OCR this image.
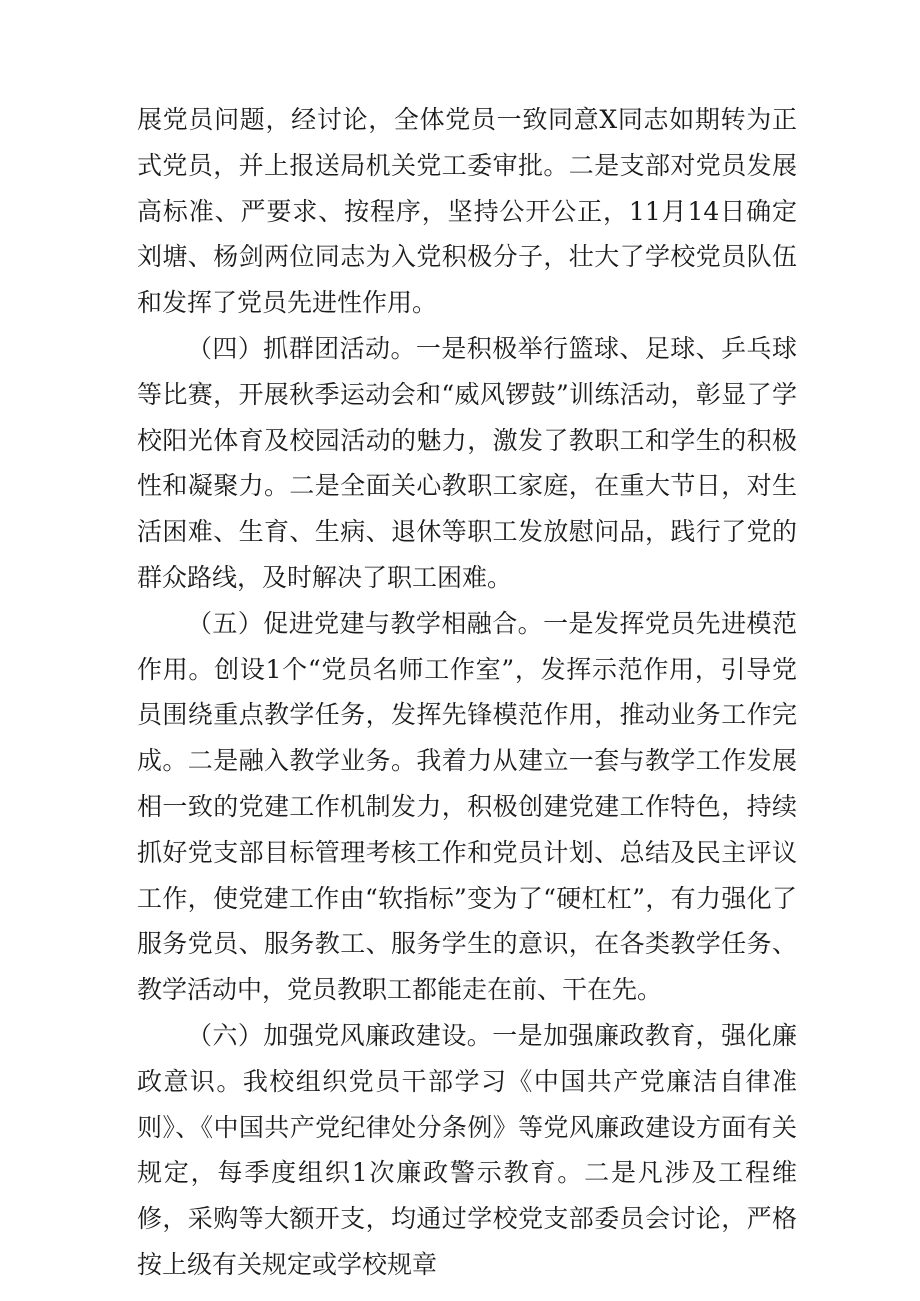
展党员问题，经讨论，全体党员一致同意X同志如期转为正式党员，并上报送局机关党工委审批。二是支部对党员发展高标准、严要求、按程序，坚持公开公正，11月14日确定刘塘、杨剑两位同志为入党积极分子，壮大了学校党员队伍和发挥了党员先进性作用。

（四）抓群团活动。一是积极举行篮球、足球、乒乓球等比赛，开展秋季运动会和“威风锣鼓”训练活动，彰显了学校阳光体育及校园活动的魅力，激发了教职工和学生的积极性和凝聚力。二是全面关心教职工家庭，在重大节日，对生活困难、生育、生病、退休等职工发放慰问品，践行了党的群众路线，及时解决了职工困难。

（五）促进党建与教学相融合。一是发挥党员先进模范作用。创设1个“党员名师工作室”，发挥示范作用，引导党员围绕重点教学任务，发挥先锋模范作用，推动业务工作完成。二是融入教学业务。我着力从建立一套与教学工作发展相一致的党建工作机制发力，积极创建党建工作特色，持续抓好党支部目标管理考核工作和党员计划、总结及民主评议工作，使党建工作由“软指标”变为了“硬杠杠”，有力强化了服务党员、服务教工、服务学生的意识，在各类教学任务、教学活动中，党员教职工都能走在前、干在先。

（六）加强党风廉政建设。一是加强廉政教育，强化廉政意识。我校组织党员干部学习《中国共产党廉洁自律准则》、《中国共产党纪律处分条例》等党风廉政建设方面有关规定，每季度组织1次廉政警示教育。二是凡涉及工程维修，采购等大额开支，均通过学校党支部委员会讨论，严格按上级有关规定或学校规章
